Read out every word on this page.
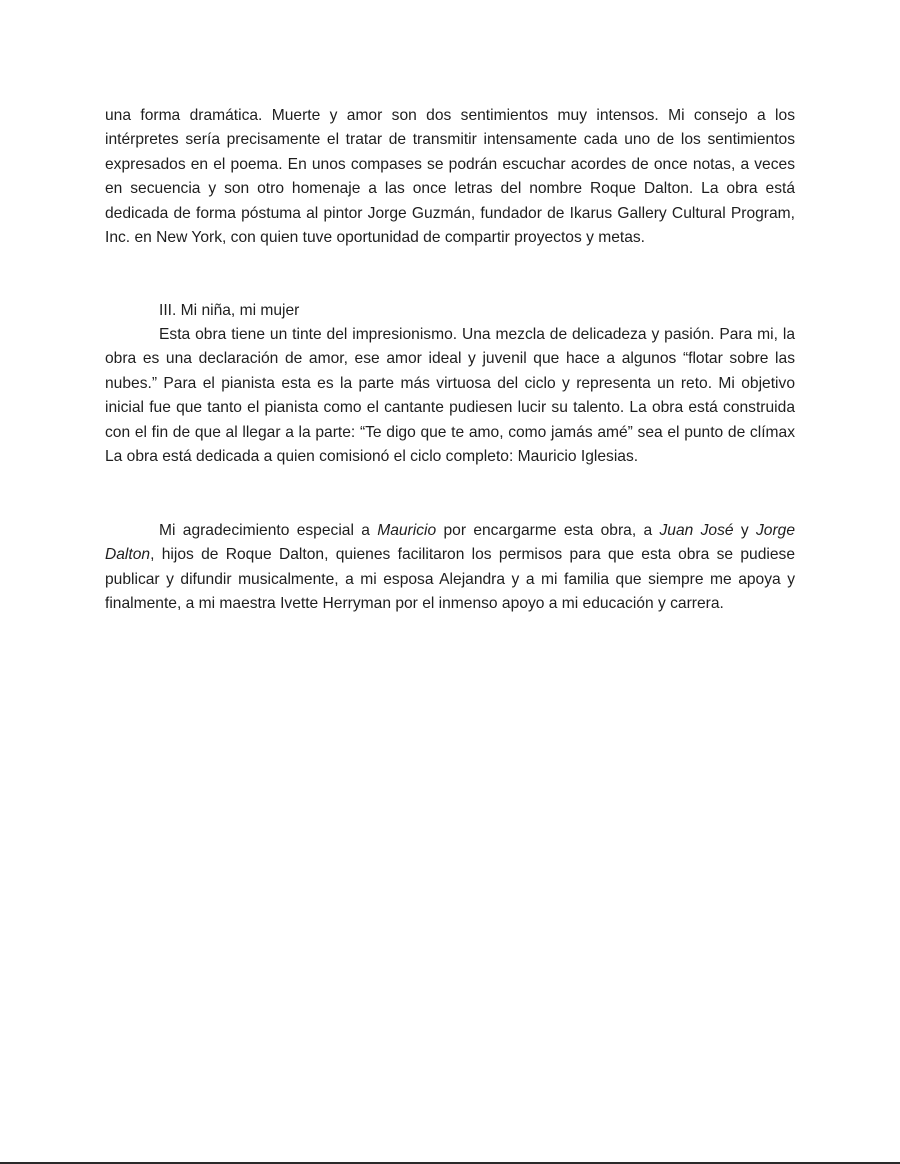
una forma dramática. Muerte y amor son dos sentimientos muy intensos. Mi consejo a los intérpretes sería precisamente el tratar de transmitir intensamente cada uno de los sentimientos expresados en el poema. En unos compases se podrán escuchar acordes de once notas, a veces en secuencia y son otro homenaje a las once letras del nombre Roque Dalton. La obra está dedicada de forma póstuma al pintor Jorge Guzmán, fundador de Ikarus Gallery Cultural Program, Inc. en New York, con quien tuve oportunidad de compartir proyectos y metas.

III. Mi niña, mi mujer

Esta obra tiene un tinte del impresionismo. Una mezcla de delicadeza y pasión. Para mi, la obra es una declaración de amor, ese amor ideal y juvenil que hace a algunos “flotar sobre las nubes.” Para el pianista esta es la parte más virtuosa del ciclo y representa un reto. Mi objetivo inicial fue que tanto el pianista como el cantante pudiesen lucir su talento. La obra está construida con el fin de que al llegar a la parte: “Te digo que te amo, como jamás amé” sea el punto de clímax La obra está dedicada a quien comisionó el ciclo completo: Mauricio Iglesias.

Mi agradecimiento especial a Mauricio por encargarme esta obra, a Juan José y Jorge Dalton, hijos de Roque Dalton, quienes facilitaron los permisos para que esta obra se pudiese publicar y difundir musicalmente, a mi esposa Alejandra y a mi familia que siempre me apoya y finalmente, a mi maestra Ivette Herryman por el inmenso apoyo a mi educación y carrera.
